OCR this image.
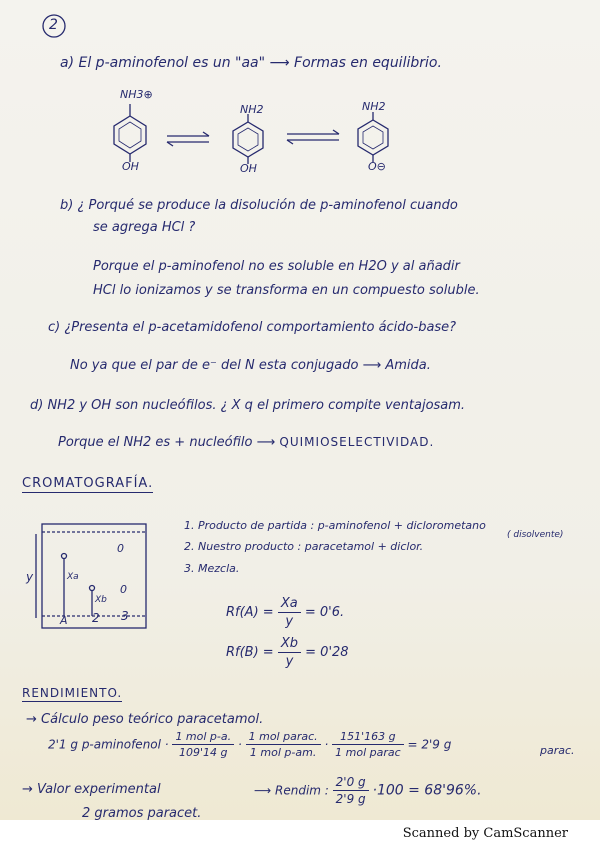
2
a) El p-aminofenol es un "aa" ⟶ Formas en equilibrio.
NH3⊕
OH
NH2
OH
NH2
O⊖
b) ¿ Porqué se produce la disolución de p-aminofenol cuando
se agrega HCl ?
Porque el p-aminofenol no es soluble en H2O y al añadir
HCl lo ionizamos y se transforma en un compuesto soluble.
c) ¿Presenta el p-acetamidofenol comportamiento ácido-base?
No ya que el par de e⁻ del N esta conjugado ⟶ Amida.
d) NH2 y OH son nucleófilos. ¿ X q el primero compite ventajosam.
Porque el NH2 es + nucleófilo ⟶ QUIMIOSELECTIVIDAD.
CROMATOGRAFÍA.
y	Xa
Xb
0
0
A 2 3
1. Producto de partida : p-aminofenol + diclorometano
( disolvente)
2. Nuestro producto : paracetamol + diclor.
3. Mezcla.
$Rf(A) = \frac{Xa}{y} = 0'6$.
$Rf(B) = \frac{Xb}{y} = 0'28$
RENDIMIENTO.
→ Cálculo peso teórico paracetamol.
2'1 g p-aminofenol · $\frac{\text{1 mol p-a.}}{109'14 g} \cdot \frac{\text{1 mol parac.}}{\text{1 mol p-am.}} \cdot \frac{151'163 g}{\text{1 mol parac}} = 2'9$ g	parac.
→ Valor experimental
2 gramos paracet.
⟶ Rendim : $\frac{2'0 g}{2'9 g} \cdot 100 = 68'96\%$.
Scanned by CamScanner
